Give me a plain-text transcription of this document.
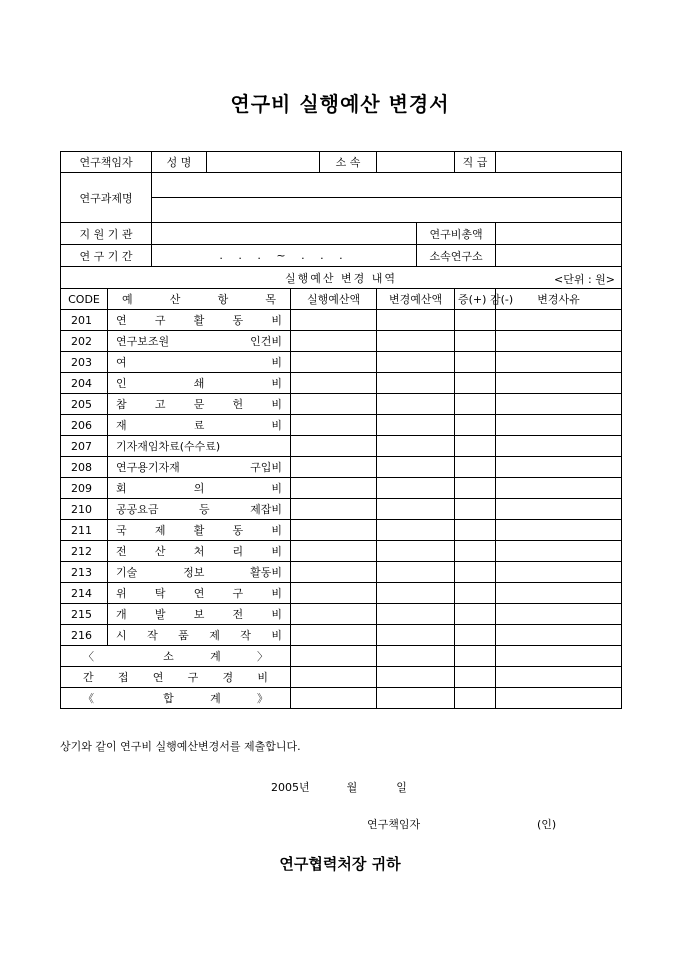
연구비 실행예산 변경서
연구책임자		성 명			소 속			직 급	
연구과제명									

지 원 기 관							연구비총액		
연 구 기 간		. . . ~ . . .					소속연구소		

실행예산 변경 내역 <단위 : 원>									

CODE	예 산 항 목			실행예산액		변경예산액		증(+) 감(-)	변경사유
201	연 구 활 동 비								
202	연구보조원 인건비								
203	여 비								
204	인 쇄 비								
205	참 고 문 헌 비								
206	재 료 비								
207	기자재임차료(수수료)								
208	연구용기자재 구입비								
209	회 의 비								
210	공공요금 등 제잡비								
211	국 제 활 동 비								
212	전 산 처 리 비								
213	기술 정보 활동비								
214	위 탁 연 구 비								
215	개 발 보 전 비								
216	시 작 품 제 작 비								
〈 소 계 〉									
간 접 연 구 경 비									
《 합 계 》									
상기와 같이 연구비 실행예산변경서를 제출합니다.
2005년	월	일
연구책임자	(인)
연구협력처장 귀하
